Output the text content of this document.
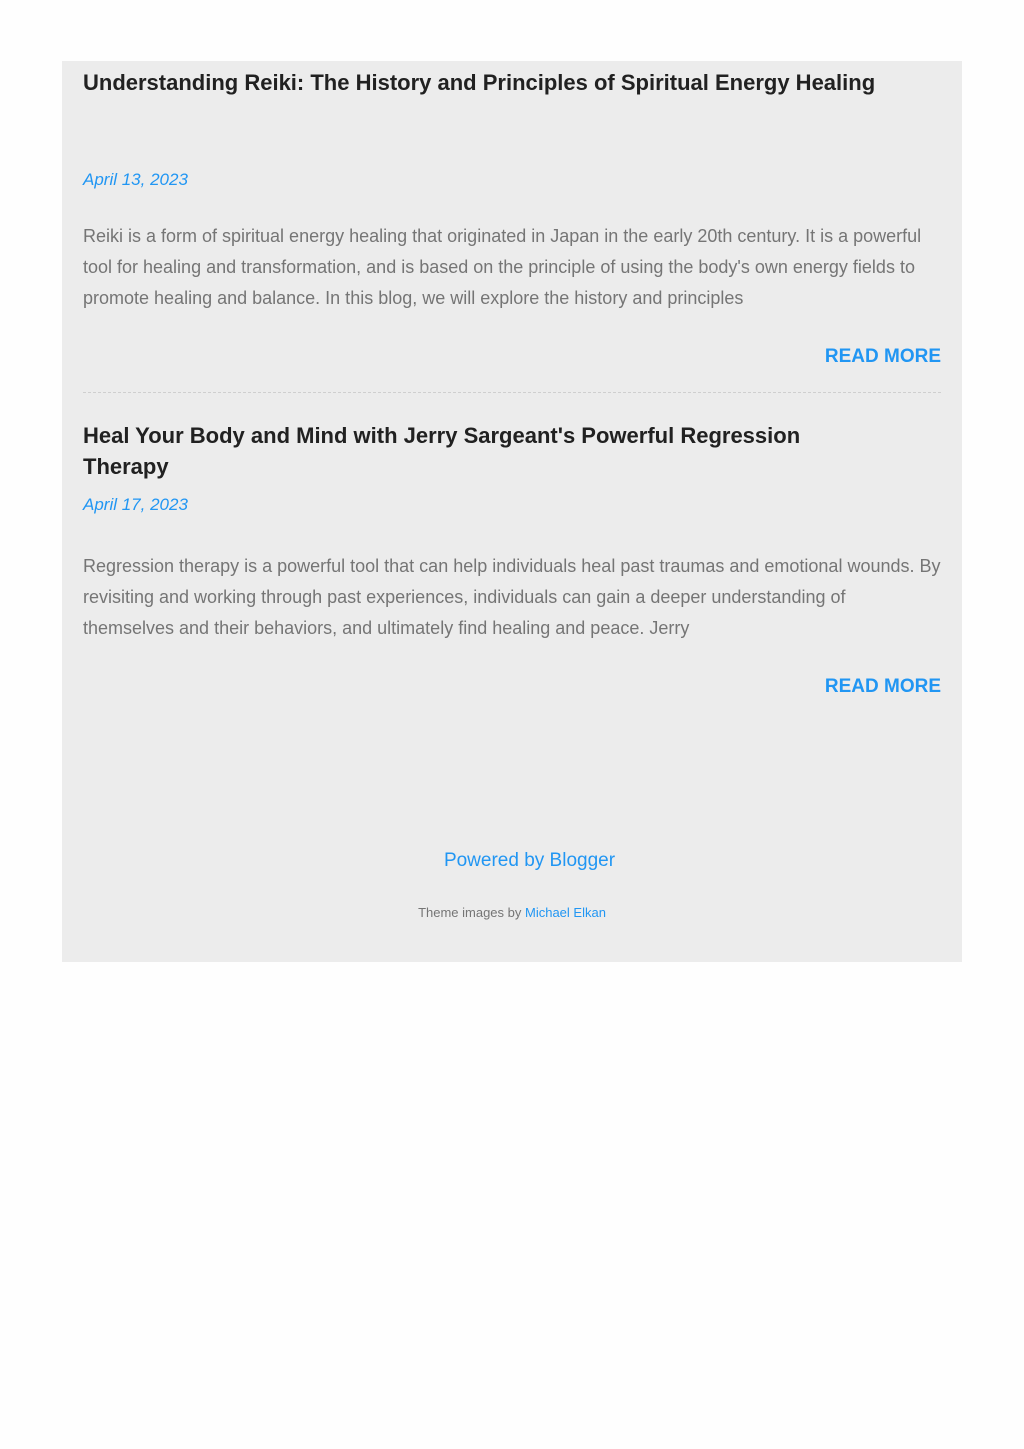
Understanding Reiki: The History and Principles of Spiritual Energy Healing
April 13, 2023

Reiki is a form of spiritual energy healing that originated in Japan in the early 20th century. It is a powerful tool for healing and transformation, and is based on the principle of using the body's own energy fields to promote healing and balance. In this blog, we will explore the history and principles

READ MORE
Heal Your Body and Mind with Jerry Sargeant's Powerful Regression Therapy
April 17, 2023

Regression therapy is a powerful tool that can help individuals heal past traumas and emotional wounds. By revisiting and working through past experiences, individuals can gain a deeper understanding of themselves and their behaviors, and ultimately find healing and peace. Jerry

READ MORE
Powered by Blogger
Theme images by Michael Elkan
